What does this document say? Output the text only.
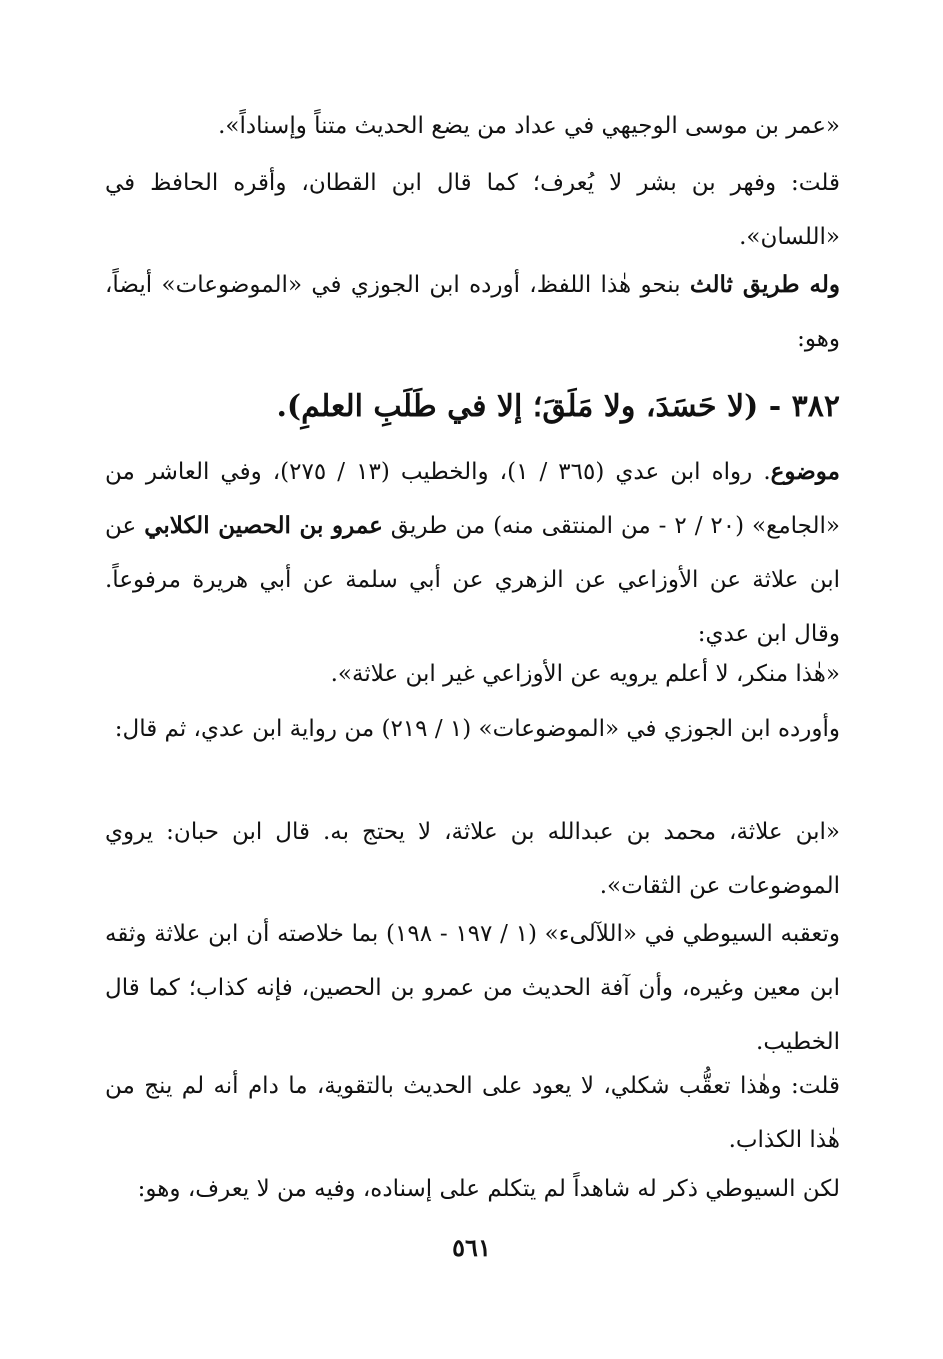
«عمر بن موسى الوجيهي في عداد من يضع الحديث متناً وإسناداً».

قلت: وفهر بن بشر لا يُعرف؛ كما قال ابن القطان، وأقره الحافظ في «اللسان».

وله طريق ثالث بنحو هٰذا اللفظ، أورده ابن الجوزي في «الموضوعات» أيضاً، وهو:

٣٨٢ - (لا حَسَدَ، ولا مَلَقَ؛ إلا في طَلَبِ العلمِ).

موضوع. رواه ابن عدي (٣٦٥ / ١)، والخطيب (١٣ / ٢٧٥)، وفي العاشر من «الجامع» (٢٠ / ٢ - من المنتقى منه) من طريق عمرو بن الحصين الكلابي عن ابن علاثة عن الأوزاعي عن الزهري عن أبي سلمة عن أبي هريرة مرفوعاً. وقال ابن عدي:

«هٰذا منكر، لا أعلم يرويه عن الأوزاعي غير ابن علاثة».

وأورده ابن الجوزي في «الموضوعات» (١ / ٢١٩) من رواية ابن عدي، ثم قال:

«ابن علاثة، محمد بن عبدالله بن علاثة، لا يحتج به. قال ابن حبان: يروي الموضوعات عن الثقات».

وتعقبه السيوطي في «اللآلىء» (١ / ١٩٧ - ١٩٨) بما خلاصته أن ابن علاثة وثقه ابن معين وغيره، وأن آفة الحديث من عمرو بن الحصين، فإنه كذاب؛ كما قال الخطيب.

قلت: وهٰذا تعقُّب شكلي، لا يعود على الحديث بالتقوية، ما دام أنه لم ينج من هٰذا الكذاب.

لكن السيوطي ذكر له شاهداً لم يتكلم على إسناده، وفيه من لا يعرف، وهو:

٥٦١
